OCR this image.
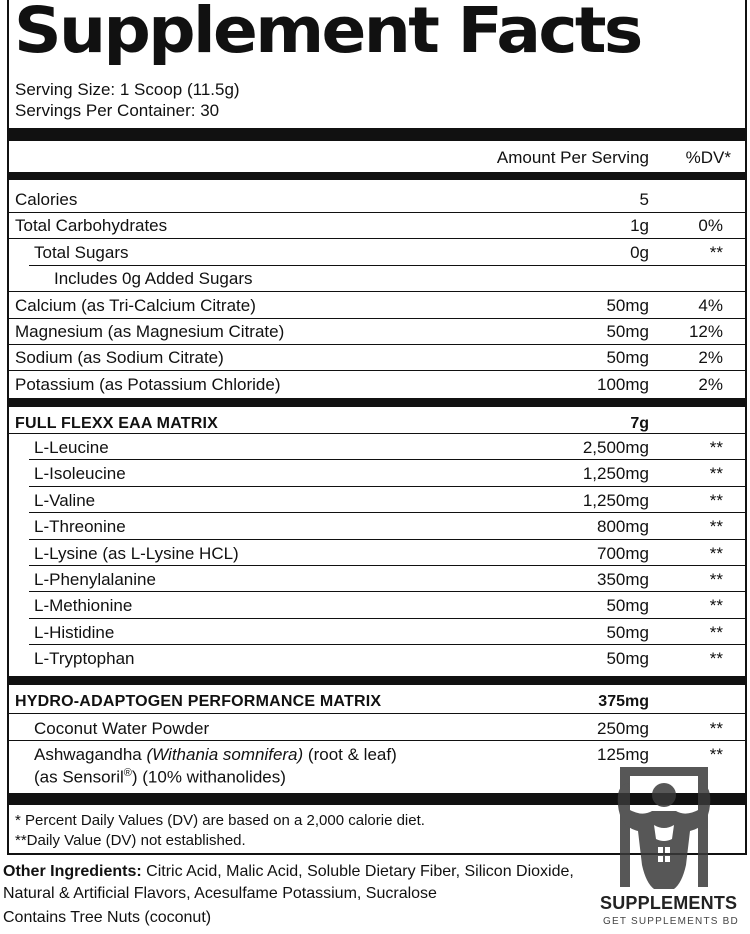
Supplement Facts
Serving Size: 1 Scoop (11.5g)
Servings Per Container: 30
Amount Per Serving %DV*
Calories	5
Total Carbohydrates	1g	0%
Total Sugars	0g	**
Includes 0g Added Sugars
Calcium (as Tri-Calcium Citrate)	50mg	4%
Magnesium (as Magnesium Citrate)	50mg 12%
Sodium (as Sodium Citrate)	50mg	2%
Potassium (as Potassium Chloride)	100mg	2%
FULL FLEXX EAA MATRIX	7g
L-Leucine	2,500mg	**
L-Isoleucine	1,250mg	**
L-Valine	1,250mg	**
L-Threonine	800mg	**
L-Lysine (as L-Lysine HCL)	700mg	**
L-Phenylalanine	350mg	**
L-Methionine	50mg	**
L-Histidine	50mg	**
L-Tryptophan	50mg	**
HYDRO-ADAPTOGEN PERFORMANCE MATRIX	375mg
Coconut Water Powder	250mg	**
Ashwagandha (Withania somnifera) (root & leaf)	125mg	**
(as Sensoril®) (10% withanolides)
* Percent Daily Values (DV) are based on a 2,000 calorie diet.
**Daily Value (DV) not established.
Other Ingredients: Citric Acid, Malic Acid, Soluble Dietary Fiber, Silicon Dioxide,
Natural & Artificial Flavors, Acesulfame Potassium, Sucralose
Contains Tree Nuts (coconut)
SUPPLEMENTS
GET SUPPLEMENTS BD
